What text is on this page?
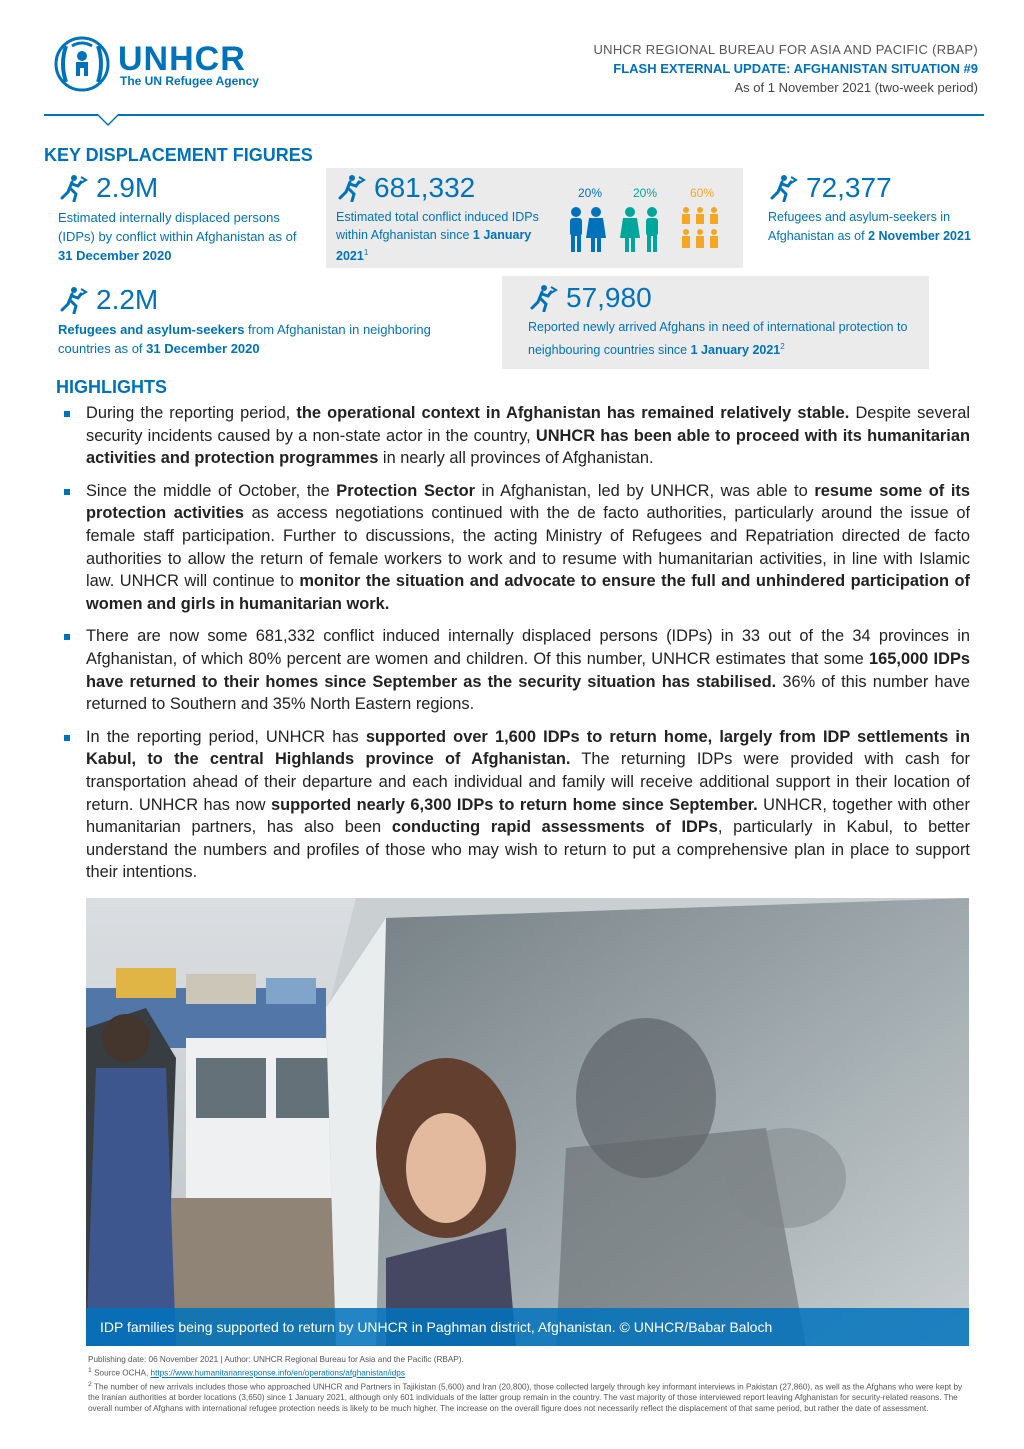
UNHCR
The UN Refugee Agency
UNHCR REGIONAL BUREAU FOR ASIA AND PACIFIC (RBAP)
FLASH EXTERNAL UPDATE: AFGHANISTAN SITUATION #9
As of 1 November 2021 (two-week period)
KEY DISPLACEMENT FIGURES
2.9M
Estimated internally displaced persons (IDPs) by conflict within Afghanistan as of 31 December 2020
681,332
Estimated total conflict induced IDPs within Afghanistan since 1 January 2021$^1$
20%	20%	60%	72,377
Refugees and asylum-seekers in Afghanistan as of 2 November 2021
2.2M
Refugees and asylum-seekers from Afghanistan in neighboring countries as of 31 December 2020
57,980
Reported newly arrived Afghans in need of international protection to neighbouring countries since 1 January 2021$^2$
HIGHLIGHTS
During the reporting period, the operational context in Afghanistan has remained relatively stable. Despite several security incidents caused by a non-state actor in the country, UNHCR has been able to proceed with its humanitarian activities and protection programmes in nearly all provinces of Afghanistan.
Since the middle of October, the Protection Sector in Afghanistan, led by UNHCR, was able to resume some of its protection activities as access negotiations continued with the de facto authorities, particularly around the issue of female staff participation. Further to discussions, the acting Ministry of Refugees and Repatriation directed de facto authorities to allow the return of female workers to work and to resume with humanitarian activities, in line with Islamic law. UNHCR will continue to monitor the situation and advocate to ensure the full and unhindered participation of women and girls in humanitarian work.
There are now some 681,332 conflict induced internally displaced persons (IDPs) in 33 out of the 34 provinces in Afghanistan, of which 80% percent are women and children. Of this number, UNHCR estimates that some 165,000 IDPs have returned to their homes since September as the security situation has stabilised. 36% of this number have returned to Southern and 35% North Eastern regions.
In the reporting period, UNHCR has supported over 1,600 IDPs to return home, largely from IDP settlements in Kabul, to the central Highlands province of Afghanistan. The returning IDPs were provided with cash for transportation ahead of their departure and each individual and family will receive additional support in their location of return. UNHCR has now supported nearly 6,300 IDPs to return home since September. UNHCR, together with other humanitarian partners, has also been conducting rapid assessments of IDPs, particularly in Kabul, to better understand the numbers and profiles of those who may wish to return to put a comprehensive plan in place to support their intentions.
IDP families being supported to return by UNHCR in Paghman district, Afghanistan. © UNHCR/Babar Baloch
Publishing date: 06 November 2021 | Author: UNHCR Regional Bureau for Asia and the Pacific (RBAP).
$^1$ Source OCHA, https://www.humanitarianresponse.info/en/operations/afghanistan/idps
$^2$ The number of new arrivals includes those who approached UNHCR and Partners in Tajikistan (5,600) and Iran (20,800), those collected largely through key informant interviews in Pakistan (27,860), as well as the Afghans who were kept by the Iranian authorities at border locations (3,650) since 1 January 2021, although only 601 individuals of the latter group remain in the country. The vast majority of those interviewed report leaving Afghanistan for security-related reasons. The overall number of Afghans with international refugee protection needs is likely to be much higher. The increase on the overall figure does not necessarily reflect the displacement of that same period, but rather the date of assessment.
